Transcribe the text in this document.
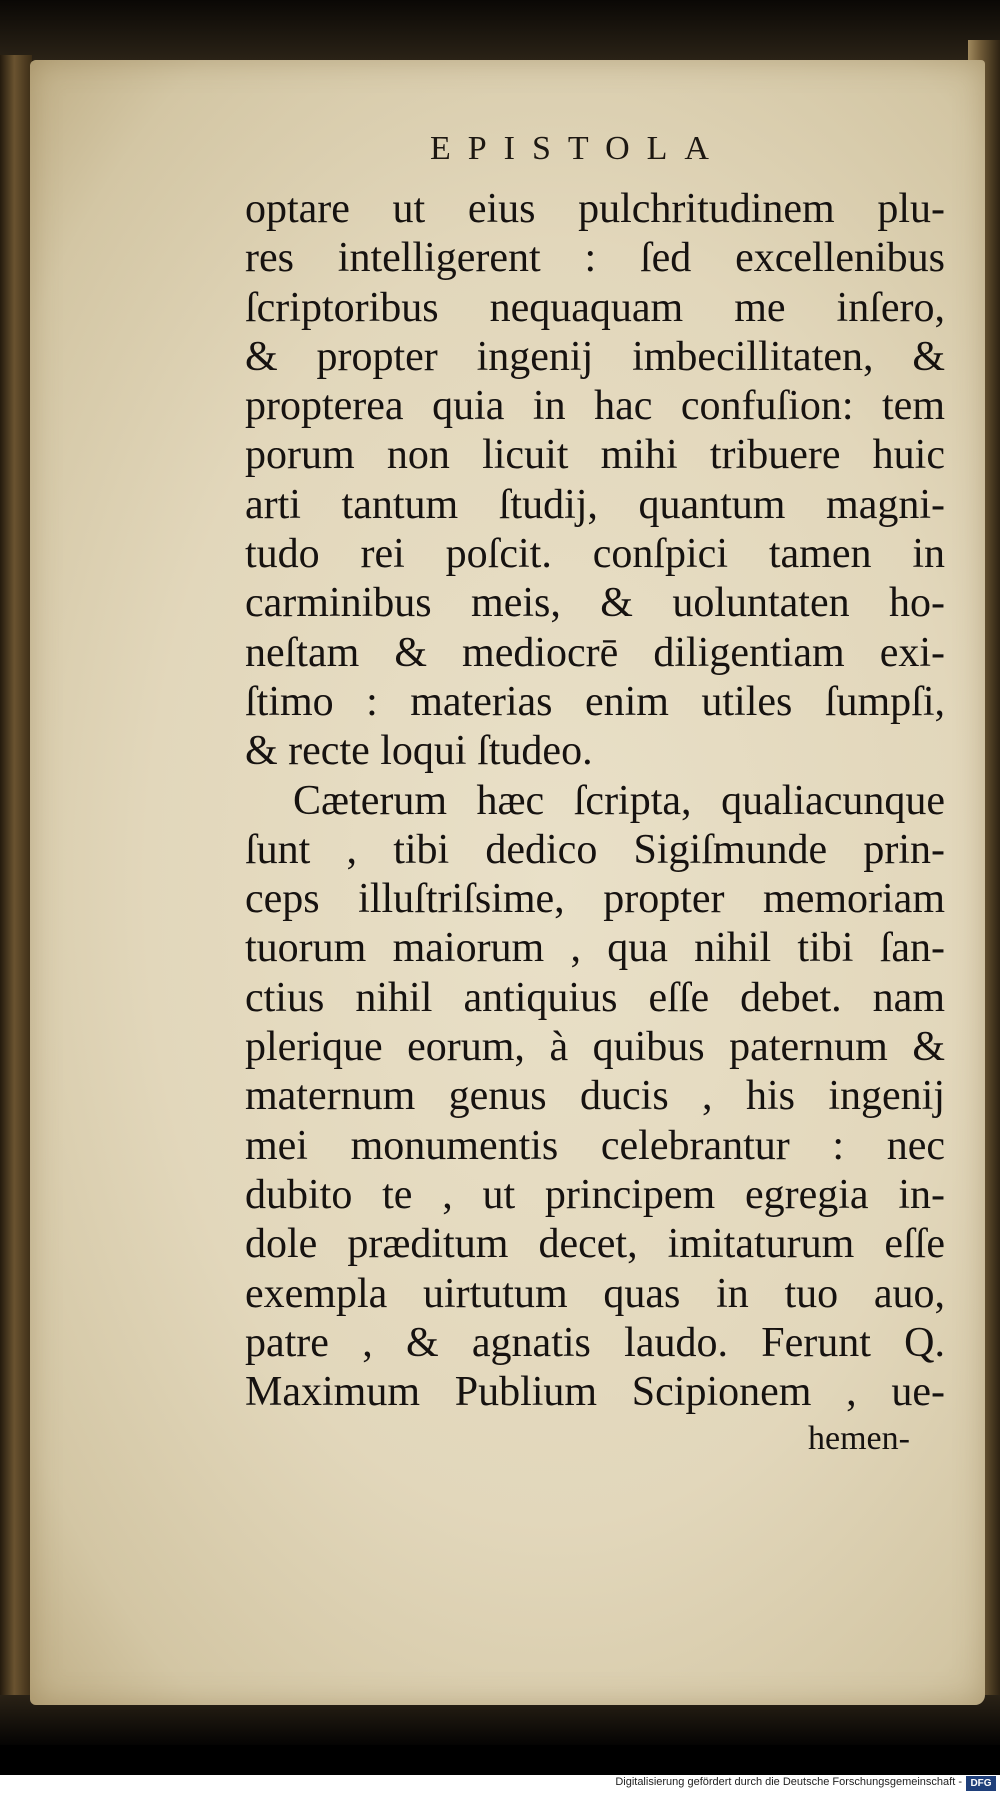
EPISTOLA
optare ut eius pulchritudinem plu-
res intelligerent : ſed excellenibus
ſcriptoribus nequaquam me inſero,
& propter ingenij imbecillitaten, &
propterea quia in hac confuſion: tem
porum non licuit mihi tribuere huic
arti tantum ſtudij, quantum magni-
tudo rei poſcit. conſpici tamen in
carminibus meis, & uoluntaten ho-
neſtam & mediocrē diligentiam exi-
ſtimo : materias enim utiles ſumpſi,
& recte loqui ſtudeo.
Cæterum hæc ſcripta, qualiacunque
ſunt , tibi dedico Sigiſmunde prin-
ceps illuſtriſsime, propter memoriam
tuorum maiorum , qua nihil tibi ſan-
ctius nihil antiquius eſſe debet. nam
plerique eorum, à quibus paternum &
maternum genus ducis , his ingenij
mei monumentis celebrantur : nec
dubito te , ut principem egregia in-
dole præditum decet, imitaturum eſſe
exempla uirtutum quas in tuo auo,
patre , & agnatis laudo. Ferunt Q.
Maximum Publium Scipionem , ue-
hemen-
Digitalisierung gefördert durch die Deutsche Forschungsgemeinschaft - DFG
